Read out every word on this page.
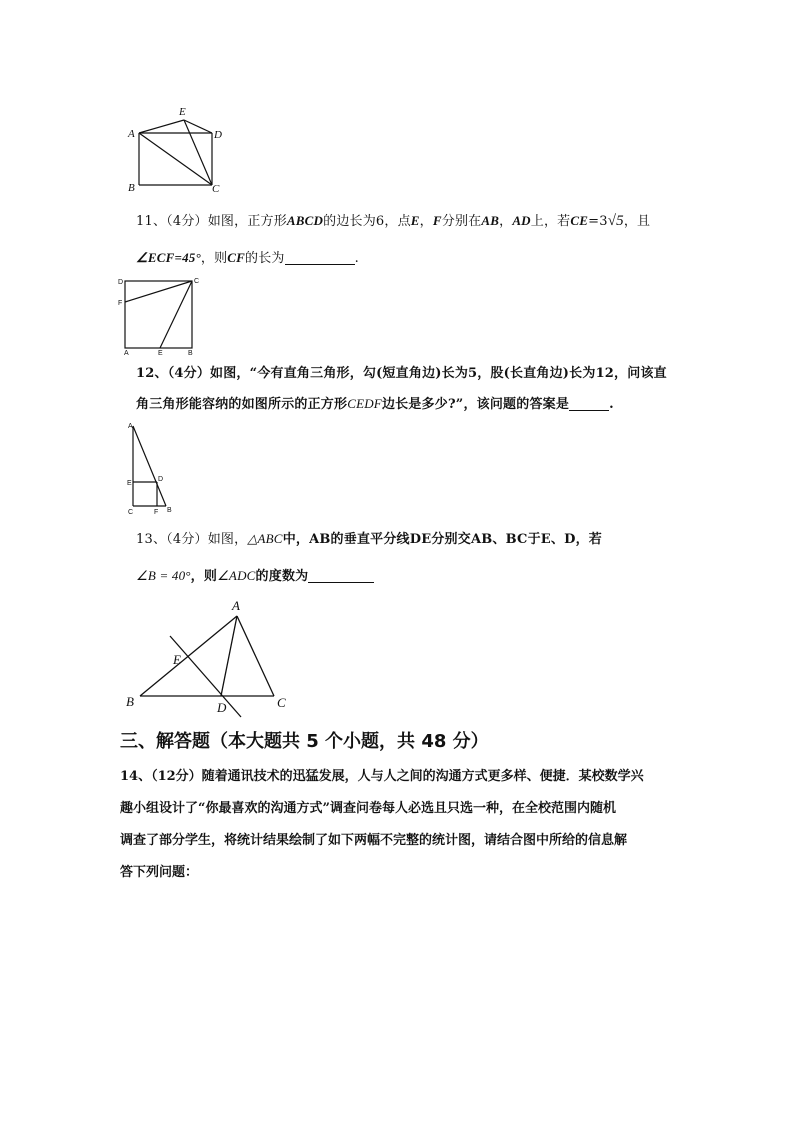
E
A	D
B	C
11、（4分）如图，正方形ABCD的边长为6，点E，F分别在AB，AD上，若CE=3√5，且
∠ECF=45°，则CF的长为	.
D	C
F
A	E	B
12、（4分）如图，“今有直角三角形，勾(短直角边)长为5，股(长直角边)长为12，问该直
角三角形能容纳的如图所示的正方形CEDF边长是多少?”，该问题的答案是	.
A
E
D
C	F B
13、（4分）如图，△ABC中，AB的垂直平分线DE分别交AB、BC于E、D，若
∠B = 40°，则∠ADC的度数为
A
E
B	D	C
三、解答题（本大题共 5 个小题，共 48 分）
14、（12分）随着通讯技术的迅猛发展，人与人之间的沟通方式更多样、便捷．某校数学兴
趣小组设计了“你最喜欢的沟通方式”调查问卷每人必选且只选一种，在全校范围内随机
调查了部分学生，将统计结果绘制了如下两幅不完整的统计图，请结合图中所给的信息解
答下列问题：
